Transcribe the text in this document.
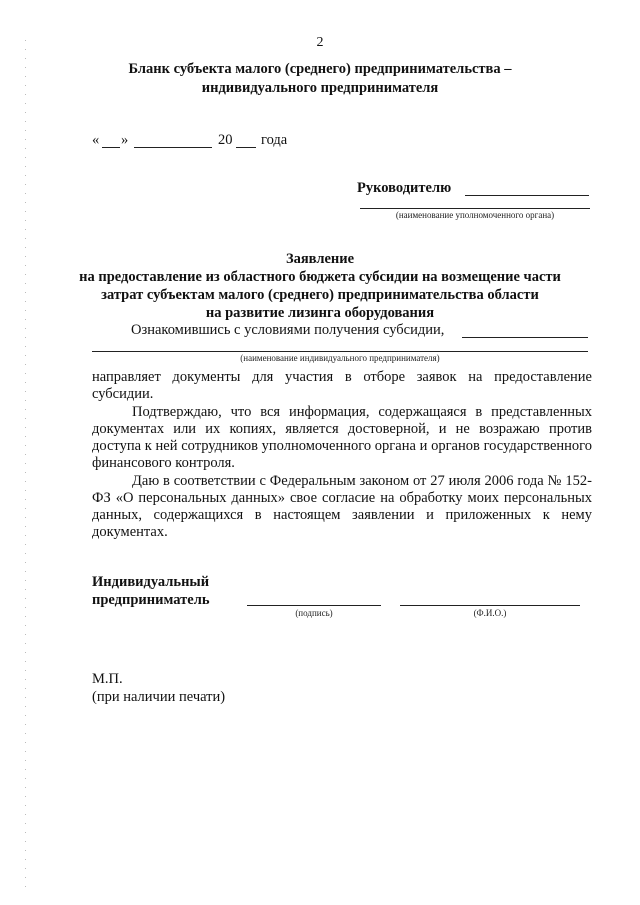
2
Бланк субъекта малого (среднего) предпринимательства –
индивидуального предпринимателя
« »	20 года
Руководителю
(наименование уполномоченного органа)
Заявление
на предоставление из областного бюджета субсидии на возмещение части
затрат субъектам малого (среднего) предпринимательства области
на развитие лизинга оборудования
Ознакомившись с условиями получения субсидии,
(наименование индивидуального предпринимателя)
направляет документы для участия в отборе заявок на предоставление субсидии.
Подтверждаю, что вся информация, содержащаяся в представленных документах или их копиях, является достоверной, и не возражаю против доступа к ней сотрудников уполномоченного органа и органов государственного финансового контроля.
Даю в соответствии с Федеральным законом от 27 июля 2006 года № 152-ФЗ «О персональных данных» свое согласие на обработку моих персональных данных, содержащихся в настоящем заявлении и приложенных к нему документах.
Индивидуальный
предприниматель
(подпись)	(Ф.И.О.)
М.П.
(при наличии печати)
